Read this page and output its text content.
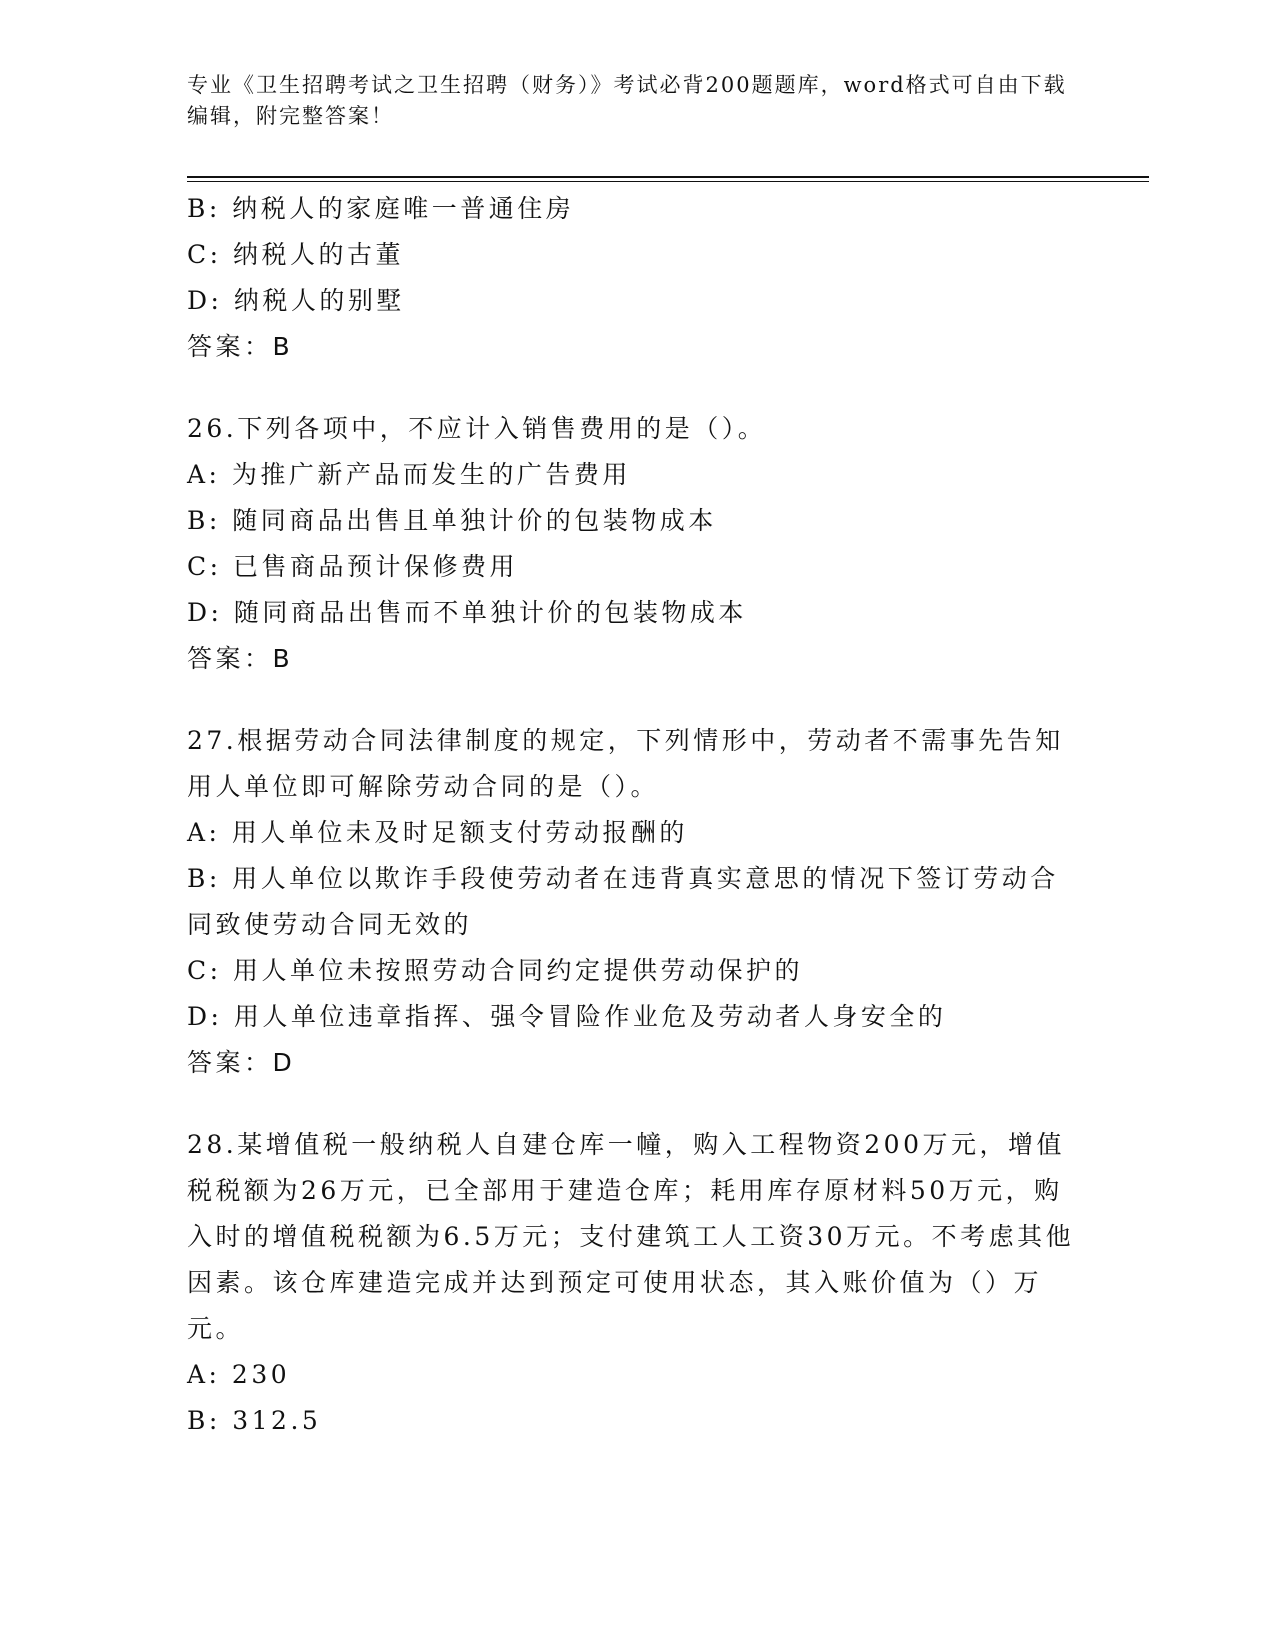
专业《卫生招聘考试之卫生招聘（财务）》考试必背200题题库，word格式可自由下载编辑，附完整答案！
B: 纳税人的家庭唯一普通住房
C: 纳税人的古董
D: 纳税人的别墅
答案：B
26.下列各项中，不应计入销售费用的是（）。
A: 为推广新产品而发生的广告费用
B: 随同商品出售且单独计价的包装物成本
C: 已售商品预计保修费用
D: 随同商品出售而不单独计价的包装物成本
答案：B
27.根据劳动合同法律制度的规定，下列情形中，劳动者不需事先告知用人单位即可解除劳动合同的是（）。
A: 用人单位未及时足额支付劳动报酬的
B: 用人单位以欺诈手段使劳动者在违背真实意思的情况下签订劳动合同致使劳动合同无效的
C: 用人单位未按照劳动合同约定提供劳动保护的
D: 用人单位违章指挥、强令冒险作业危及劳动者人身安全的
答案：D
28.某增值税一般纳税人自建仓库一幢，购入工程物资200万元，增值税税额为26万元，已全部用于建造仓库；耗用库存原材料50万元，购入时的增值税税额为6.5万元；支付建筑工人工资30万元。不考虑其他因素。该仓库建造完成并达到预定可使用状态，其入账价值为（）万元。
A: 230
B: 312.5
